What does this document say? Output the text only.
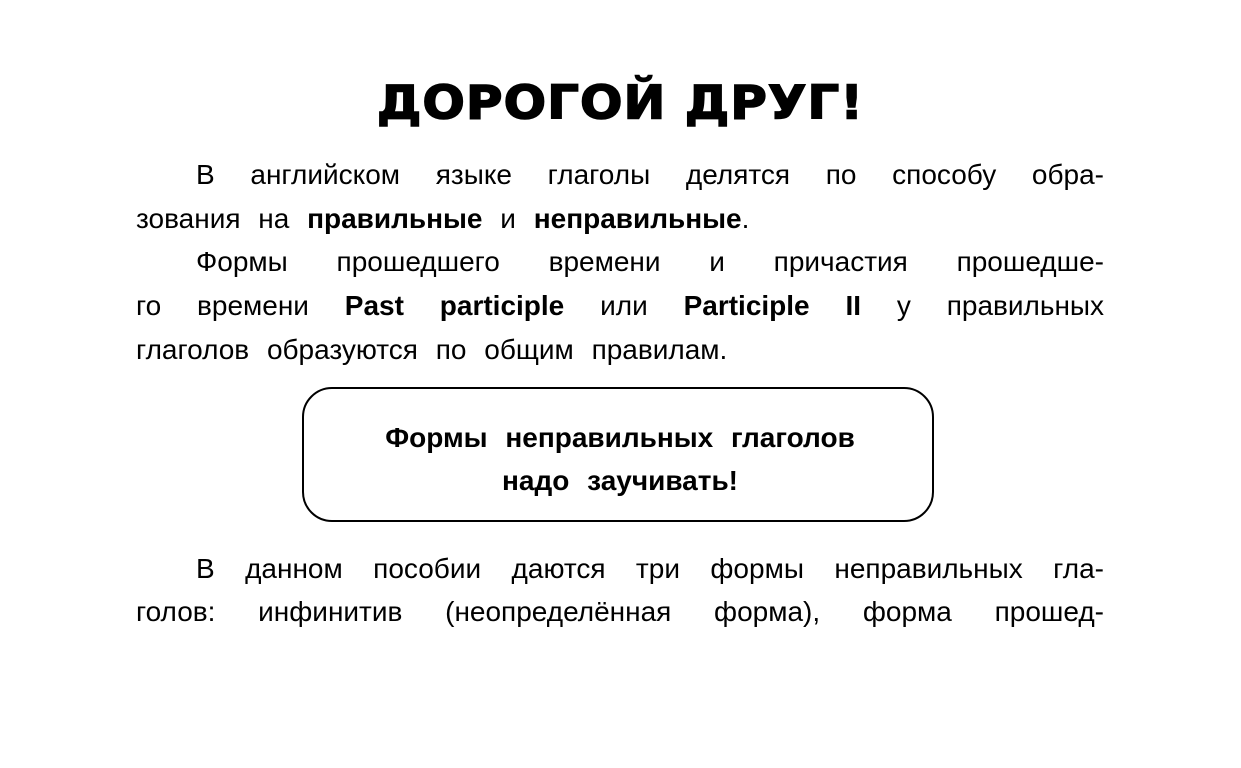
ДОРОГОЙ ДРУГ!
В английском языке глаголы делятся по способу обра-
зования на правильные и неправильные.
Формы прошедшего времени и причастия прошедше-
го времени Past participle или Participle II у правильных
глаголов образуются по общим правилам.
Формы неправильных глаголов
надо заучивать!
В данном пособии даются три формы неправильных гла-
голов: инфинитив (неопределённая форма), форма прошед-
